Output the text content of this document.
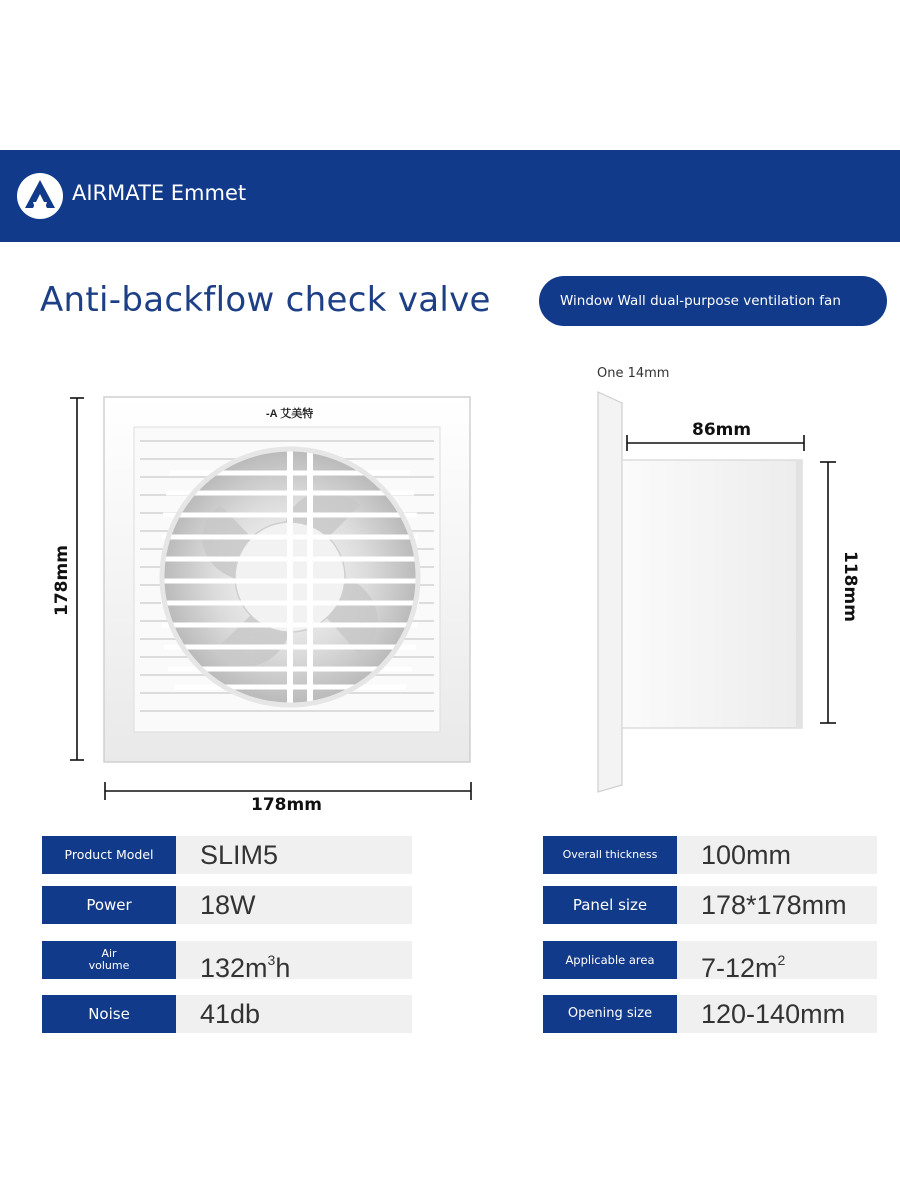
AIRMATE Emmet
Anti-backflow check valve	Window Wall dual-purpose ventilation fan
-A 艾美特
178mm
178mm
One 14mm
86mm
118mm
Product Model	SLIM5
Power	18W
Air volume	$132m^3h$
Noise	41db
Overall thickness	100mm
Panel size	178*178mm
Applicable area	$7-12m^2$
Opening size	120-140mm
